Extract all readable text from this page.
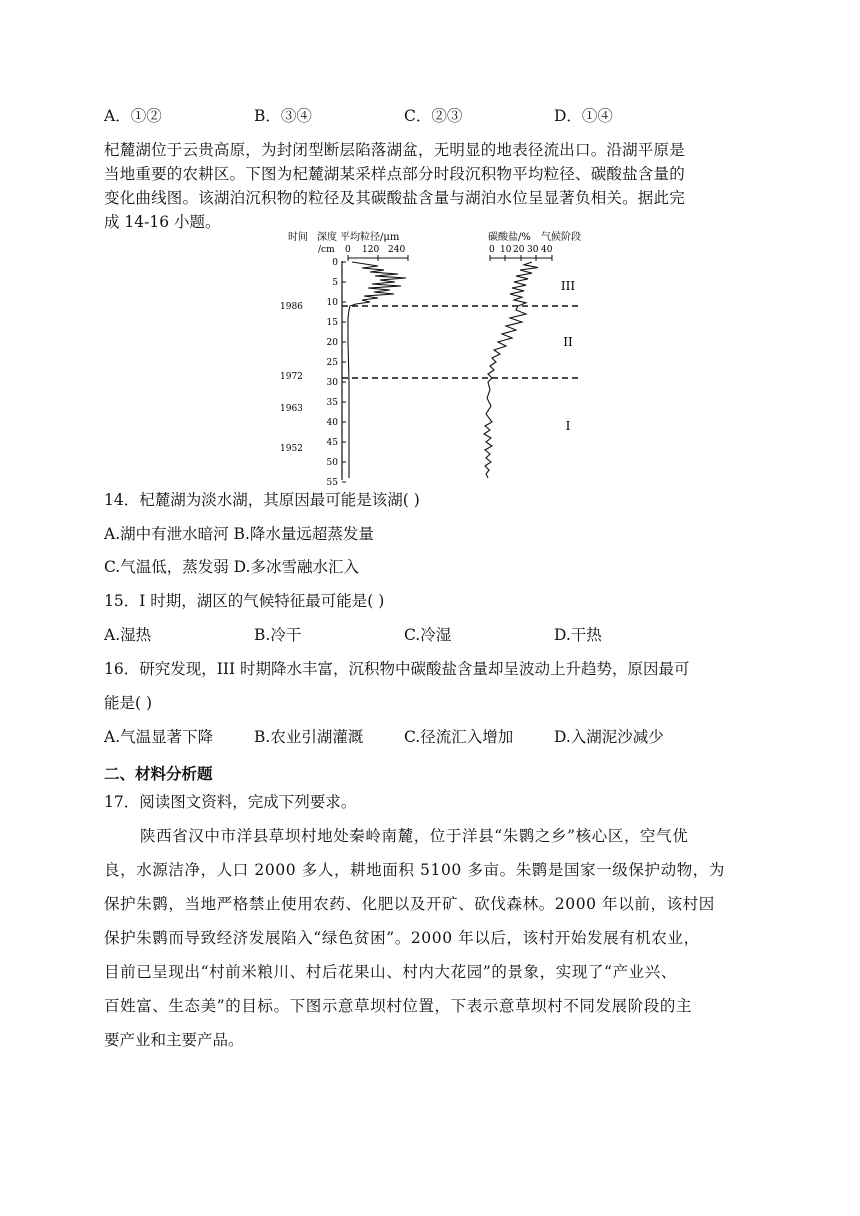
A．①②	B．③④	C．②③	D．①④
杞麓湖位于云贵高原，为封闭型断层陷落湖盆，无明显的地表径流出口。沿湖平原是
当地重要的农耕区。下图为杞麓湖某采样点部分时段沉积物平均粒径、碳酸盐含量的
变化曲线图。该湖泊沉积物的粒径及其碳酸盐含量与湖泊水位呈显著负相关。据此完
成 14-16 小题。
时间 深度
/cm
平均粒径/μm
0 120 240
碳酸盐/%
0 10 20 30 40
气候阶段
0
5
10
15
20
25
30
35
40
45
50
55
1986
1972
1963
1952
III
II
I
14．杞麓湖为淡水湖，其原因最可能是该湖( )
A.湖中有泄水暗河 B.降水量远超蒸发量
C.气温低，蒸发弱 D.多冰雪融水汇入
15．I 时期，湖区的气候特征最可能是( )
A.湿热	B.冷干	C.冷湿	D.干热
16．研究发现，III 时期降水丰富，沉积物中碳酸盐含量却呈波动上升趋势，原因最可
能是( )
A.气温显著下降	B.农业引湖灌溉	C.径流汇入增加	D.入湖泥沙减少
二、材料分析题
17．阅读图文资料，完成下列要求。
陕西省汉中市洋县草坝村地处秦岭南麓，位于洋县“朱鹮之乡”核心区，空气优
良，水源洁净，人口 2000 多人，耕地面积 5100 多亩。朱鹮是国家一级保护动物，为
保护朱鹮，当地严格禁止使用农药、化肥以及开矿、砍伐森林。2000 年以前，该村因
保护朱鹮而导致经济发展陷入“绿色贫困”。2000 年以后，该村开始发展有机农业，
目前已呈现出“村前米粮川、村后花果山、村内大花园”的景象，实现了“产业兴、
百姓富、生态美”的目标。下图示意草坝村位置，下表示意草坝村不同发展阶段的主
要产业和主要产品。
